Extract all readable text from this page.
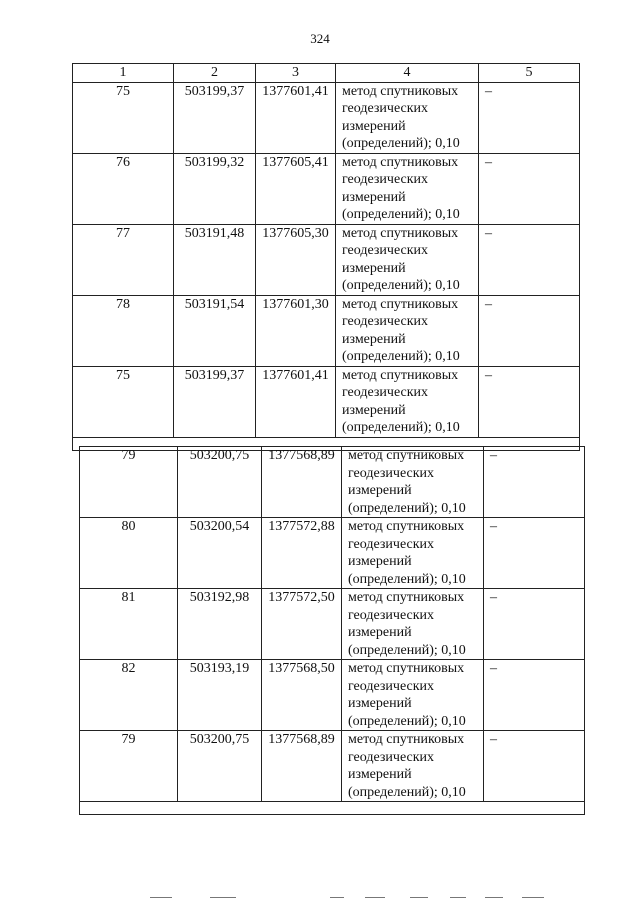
324
1	2	3	4	5
75	503199,37	1377601,41	метод спутниковых
геодезических
измерений
(определений); 0,10	–
76	503199,32	1377605,41	метод спутниковых
геодезических
измерений
(определений); 0,10	–
77	503191,48	1377605,30	метод спутниковых
геодезических
измерений
(определений); 0,10	–
78	503191,54	1377601,30	метод спутниковых
геодезических
измерений
(определений); 0,10	–
75	503199,37	1377601,41	метод спутниковых
геодезических
измерений
(определений); 0,10	–

79	503200,75	1377568,89	метод спутниковых
геодезических
измерений
(определений); 0,10	–
80	503200,54	1377572,88	метод спутниковых
геодезических
измерений
(определений); 0,10	–
81	503192,98	1377572,50	метод спутниковых
геодезических
измерений
(определений); 0,10	–
82	503193,19	1377568,50	метод спутниковых
геодезических
измерений
(определений); 0,10	–
79	503200,75	1377568,89	метод спутниковых
геодезических
измерений
(определений); 0,10	–
